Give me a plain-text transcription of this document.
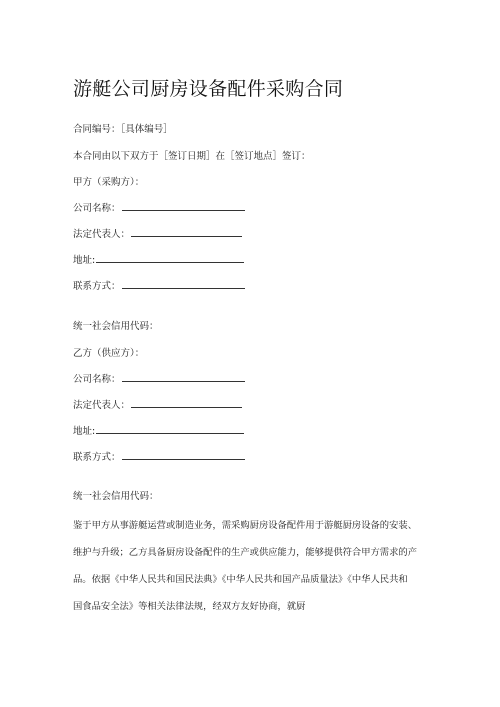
游艇公司厨房设备配件采购合同
合同编号：［具体编号］
本合同由以下双方于［签订日期］在［签订地点］签订：
甲方（采购方）：
公司名称：
法定代表人：
地址:
联系方式：
统一社会信用代码：
乙方（供应方）：
公司名称：
法定代表人：
地址:
联系方式：
统一社会信用代码：
鉴于甲方从事游艇运营或制造业务，需采购厨房设备配件用于游艇厨房设备的安装、
维护与升级；乙方具备厨房设备配件的生产或供应能力，能够提供符合甲方需求的产
品。依据《中华人民共和国民法典》《中华人民共和国产品质量法》《中华人民共和
国食品安全法》等相关法律法规，经双方友好协商，就厨
